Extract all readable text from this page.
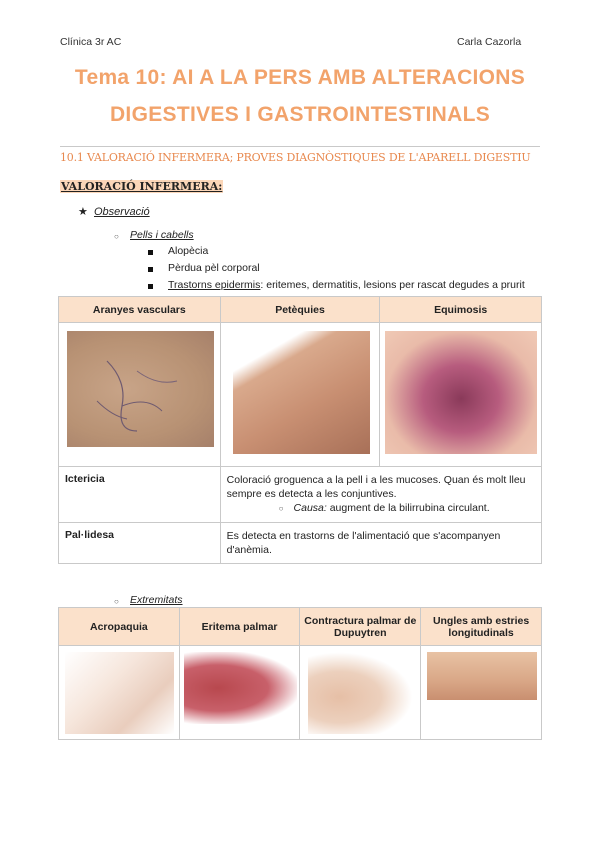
Clínica 3r AC	Carla Cazorla
Tema 10: AI A LA PERS AMB ALTERACIONS
DIGESTIVES I GASTROINTESTINALS
10.1 VALORACIÓ INFERMERA; PROVES DIAGNÒSTIQUES DE L'APARELL DIGESTIU
VALORACIÓ INFERMERA:
★ Observació
○ Pells i cabells
Alopècia
Pèrdua pèl corporal
Trastorns epidermis: eritemes, dermatitis, lesions per rascat degudes a prurit
Aranyes vasculars	Petèquies	Equimosis

Ictericia	Coloració groguenca a la pell i a les mucoses. Quan és molt lleu sempre es detecta a les conjuntives.
○ Causa: augment de la bilirrubina circulant.	

Pal·lidesa	Es detecta en trastorns de l'alimentació que s'acompanyen d'anèmia.	
○ Extremitats
Acropaquia	Eritema palmar	Contractura palmar de Dupuytren	Ungles amb estries longitudinals
